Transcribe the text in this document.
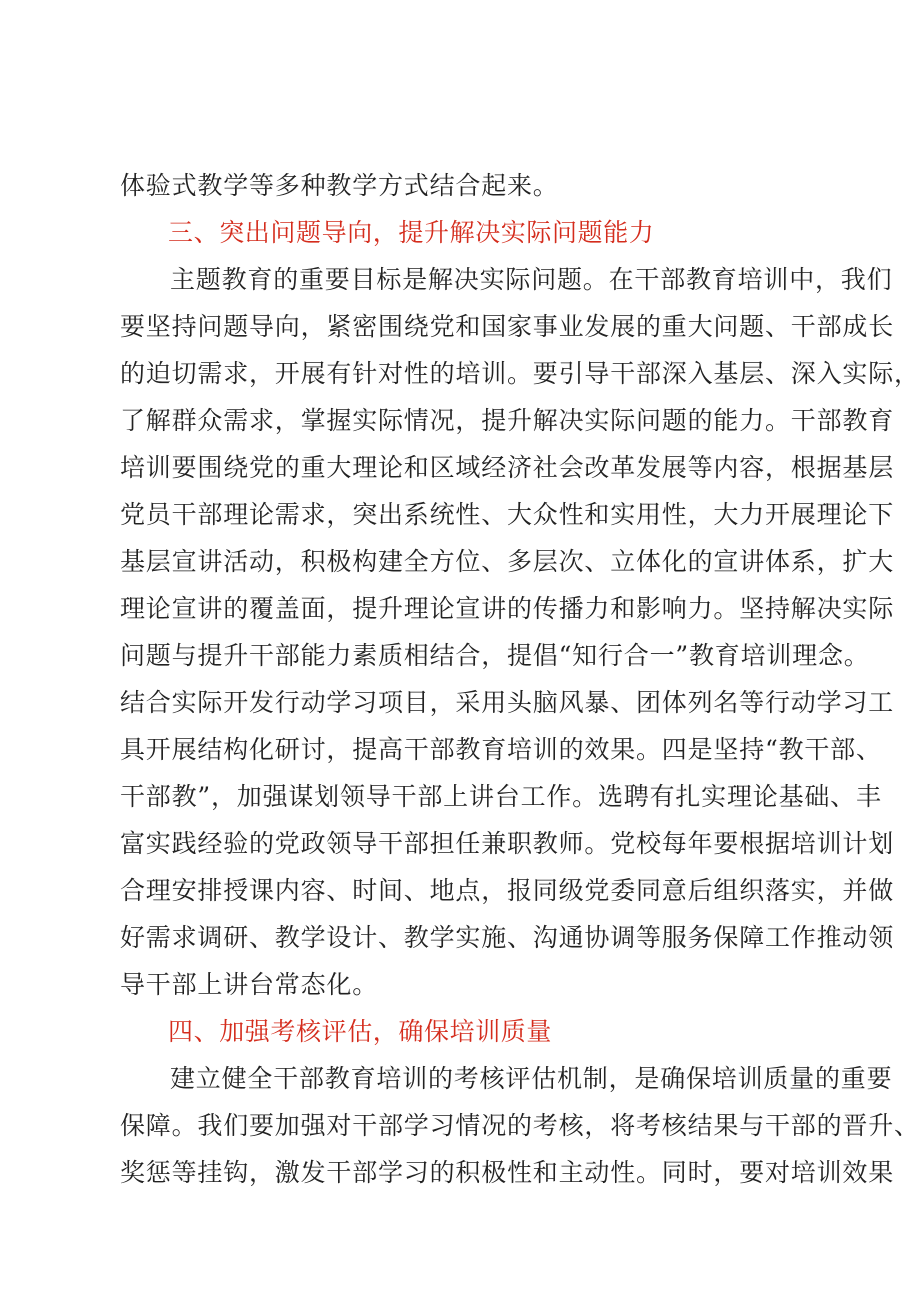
体验式教学等多种教学方式结合起来。
三、突出问题导向，提升解决实际问题能力
主题教育的重要目标是解决实际问题。在干部教育培训中，我们
要坚持问题导向，紧密围绕党和国家事业发展的重大问题、干部成长
的迫切需求，开展有针对性的培训。要引导干部深入基层、深入实际，
了解群众需求，掌握实际情况，提升解决实际问题的能力。干部教育
培训要围绕党的重大理论和区域经济社会改革发展等内容，根据基层
党员干部理论需求，突出系统性、大众性和实用性，大力开展理论下
基层宣讲活动，积极构建全方位、多层次、立体化的宣讲体系，扩大
理论宣讲的覆盖面，提升理论宣讲的传播力和影响力。坚持解决实际
问题与提升干部能力素质相结合，提倡“知行合一”教育培训理念。
结合实际开发行动学习项目，采用头脑风暴、团体列名等行动学习工
具开展结构化研讨，提高干部教育培训的效果。四是坚持“教干部、
干部教”，加强谋划领导干部上讲台工作。选聘有扎实理论基础、丰
富实践经验的党政领导干部担任兼职教师。党校每年要根据培训计划
合理安排授课内容、时间、地点，报同级党委同意后组织落实，并做
好需求调研、教学设计、教学实施、沟通协调等服务保障工作推动领
导干部上讲台常态化。
四、加强考核评估，确保培训质量
建立健全干部教育培训的考核评估机制，是确保培训质量的重要
保障。我们要加强对干部学习情况的考核，将考核结果与干部的晋升、
奖惩等挂钩，激发干部学习的积极性和主动性。同时，要对培训效果
